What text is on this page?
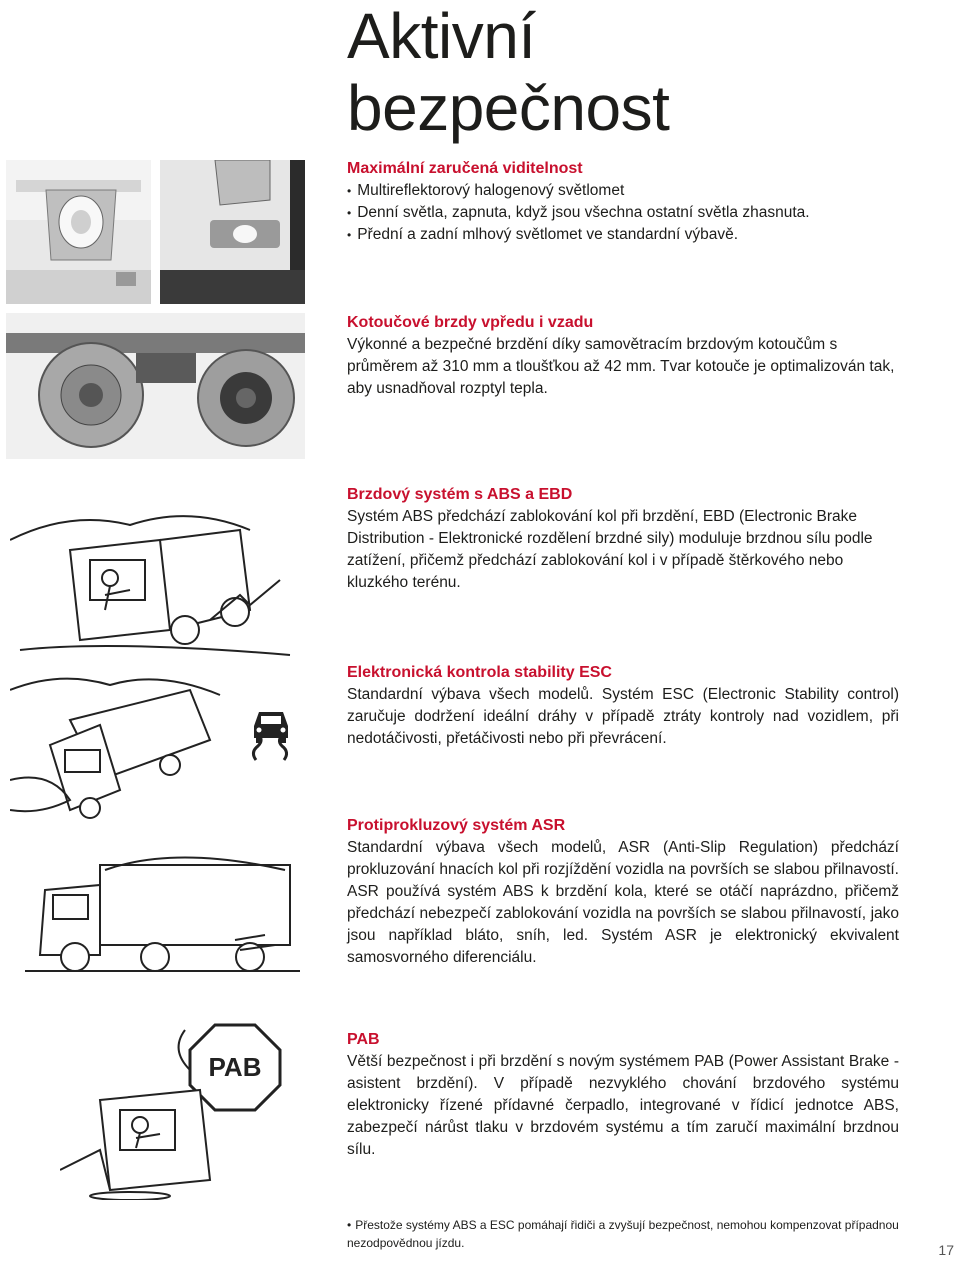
Aktivní
bezpečnost
PAB
Maximální zaručená viditelnost
• Multireflektorový halogenový světlomet
• Denní světla, zapnuta, když jsou všechna ostatní světla zhasnuta.
• Přední a zadní mlhový světlomet ve standardní výbavě.
Kotoučové brzdy vpředu i vzadu

Výkonné a bezpečné brzdění díky samovětracím brzdovým kotoučům s průměrem až 310 mm a tloušťkou až 42 mm. Tvar kotouče je optimalizován tak, aby usnadňoval rozptyl tepla.

Brzdový systém s ABS a EBD

Systém ABS předchází zablokování kol při brzdění, EBD (Electronic Brake Distribution - Elektronické rozdělení brzdné sily) moduluje brzdnou sílu podle zatížení, přičemž předchází zablokování kol i v případě štěrkového nebo kluzkého terénu.

Elektronická kontrola stability ESC

Standardní výbava všech modelů. Systém ESC (Electronic Stability control) zaručuje dodržení ideální dráhy v případě ztráty kontroly nad vozidlem, při nedotáčivosti, přetáčivosti nebo při převrácení.

Protiprokluzový systém ASR

Standardní výbava všech modelů, ASR (Anti-Slip Regulation) předchází prokluzování hnacích kol při rozjíždění vozidla na površích se slabou přilnavostí. ASR používá systém ABS k brzdění kola, které se otáčí naprázdno, přičemž předchází nebezpečí zablokování vozidla na površích se slabou přilnavostí, jako jsou například bláto, sníh, led. Systém ASR je elektronický ekvivalent samosvorného diferenciálu.

PAB

Větší bezpečnost i při brzdění s novým systémem PAB (Power Assistant Brake - asistent brzdění). V případě nezvyklého chování brzdového systému elektronicky řízené přídavné čerpadlo, integrované v řídicí jednotce ABS, zabezpečí nárůst tlaku v brzdovém systému a tím zaručí maximální brzdnou sílu.

• Přestože systémy ABS a ESC pomáhají řidiči a zvyšují bezpečnost, nemohou kompenzovat případnou nezodpovědnou jízdu.	17
